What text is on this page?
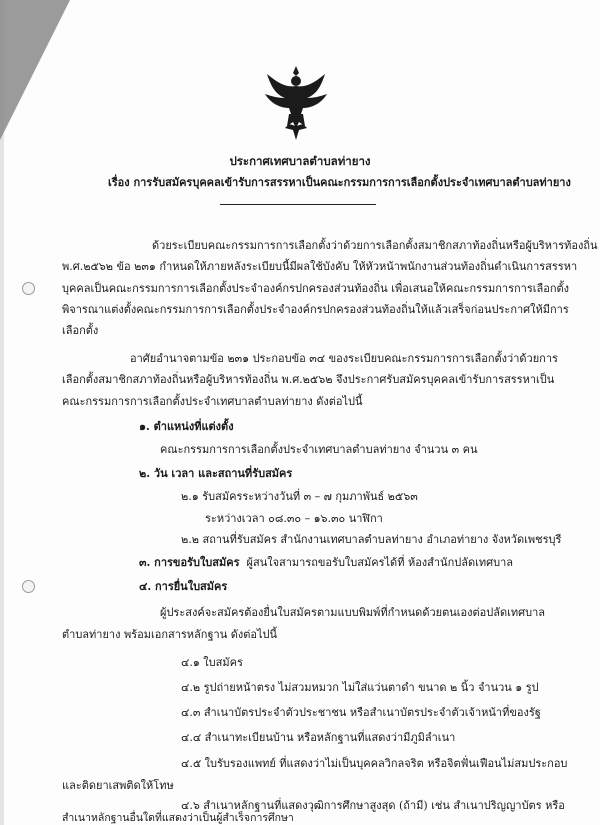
ประกาศเทศบาลตำบลท่ายาง
เรื่อง การรับสมัครบุคคลเข้ารับการสรรหาเป็นคณะกรรมการการเลือกตั้งประจำเทศบาลตำบลท่ายาง
ด้วยระเบียบคณะกรรมการการเลือกตั้งว่าด้วยการเลือกตั้งสมาชิกสภาท้องถิ่นหรือผู้บริหารท้องถิ่น
พ.ศ.๒๕๖๒ ข้อ ๒๓๑ กำหนดให้ภายหลังระเบียบนี้มีผลใช้บังคับ ให้หัวหน้าพนักงานส่วนท้องถิ่นดำเนินการสรรหา
บุคคลเป็นคณะกรรมการการเลือกตั้งประจำองค์กรปกครองส่วนท้องถิ่น เพื่อเสนอให้คณะกรรมการการเลือกตั้ง
พิจารณาแต่งตั้งคณะกรรมการการเลือกตั้งประจำองค์กรปกครองส่วนท้องถิ่นให้แล้วเสร็จก่อนประกาศให้มีการ
เลือกตั้ง
อาศัยอำนาจตามข้อ ๒๓๑ ประกอบข้อ ๓๔ ของระเบียบคณะกรรมการการเลือกตั้งว่าด้วยการ
เลือกตั้งสมาชิกสภาท้องถิ่นหรือผู้บริหารท้องถิ่น พ.ศ.๒๕๖๒ จึงประกาศรับสมัครบุคคลเข้ารับการสรรหาเป็น
คณะกรรมการการเลือกตั้งประจำเทศบาลตำบลท่ายาง ดังต่อไปนี้
๑. ตำแหน่งที่แต่งตั้ง
คณะกรรมการการเลือกตั้งประจำเทศบาลตำบลท่ายาง จำนวน ๓ คน
๒. วัน เวลา และสถานที่รับสมัคร
๒.๑ รับสมัครระหว่างวันที่ ๓ – ๗ กุมภาพันธ์ ๒๕๖๓
ระหว่างเวลา ๐๘.๓๐ – ๑๖.๓๐ นาฬิกา
๒.๒ สถานที่รับสมัคร สำนักงานเทศบาลตำบลท่ายาง อำเภอท่ายาง จังหวัดเพชรบุรี
๓. การขอรับใบสมัคร ผู้สนใจสามารถขอรับใบสมัครได้ที่ ห้องสำนักปลัดเทศบาล
๔. การยื่นใบสมัคร
ผู้ประสงค์จะสมัครต้องยื่นใบสมัครตามแบบพิมพ์ที่กำหนดด้วยตนเองต่อปลัดเทศบาล
ตำบลท่ายาง พร้อมเอกสารหลักฐาน ดังต่อไปนี้
๔.๑ ใบสมัคร
๔.๒ รูปถ่ายหน้าตรง ไม่สวมหมวก ไม่ใส่แว่นตาดำ ขนาด ๒ นิ้ว จำนวน ๑ รูป
๔.๓ สำเนาบัตรประจำตัวประชาชน หรือสำเนาบัตรประจำตัวเจ้าหน้าที่ของรัฐ
๔.๔ สำเนาทะเบียนบ้าน หรือหลักฐานที่แสดงว่ามีภูมิลำเนา
๔.๕ ใบรับรองแพทย์ ที่แสดงว่าไม่เป็นบุคคลวิกลจริต หรือจิตฟั่นเฟือนไม่สมประกอบ
และติดยาเสพติดให้โทษ
๔.๖ สำเนาหลักฐานที่แสดงวุฒิการศึกษาสูงสุด (ถ้ามี) เช่น สำเนาปริญญาบัตร หรือ
สำเนาหลักฐานอื่นใดที่แสดงว่าเป็นผู้สำเร็จการศึกษา
